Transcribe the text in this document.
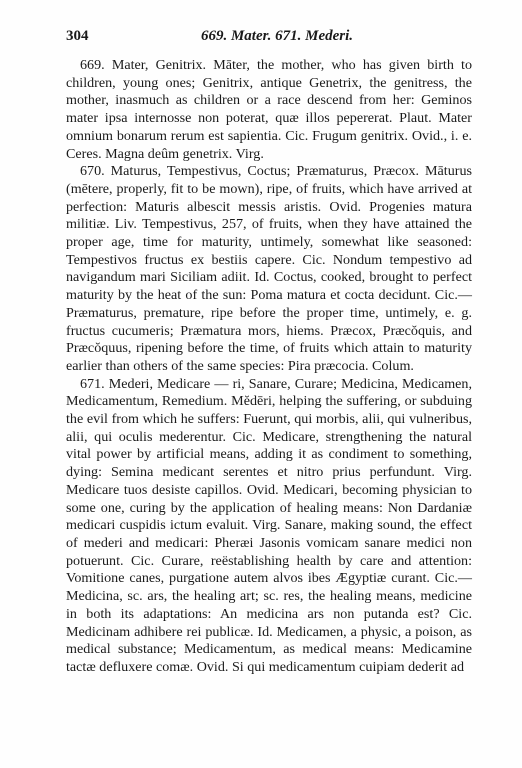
304	669. Mater. 671. Mederi.

669. Mater, Genitrix. Māter, the mother, who has given birth to children, young ones; Genitrix, antique Genetrix, the genitress, the mother, inasmuch as children or a race descend from her: Geminos mater ipsa internosse non poterat, quæ illos pepererat. Plaut. Mater omnium bonarum rerum est sapientia. Cic. Frugum genitrix. Ovid., i. e. Ceres. Magna deûm genetrix. Virg.

670. Maturus, Tempestivus, Coctus; Præmaturus, Præcox. Māturus (mētere, properly, fit to be mown), ripe, of fruits, which have arrived at perfection: Maturis albescit messis aristis. Ovid. Progenies matura militiæ. Liv. Tempestivus, 257, of fruits, when they have attained the proper age, time for maturity, untimely, somewhat like seasoned: Tempestivos fructus ex bestiis capere. Cic. Nondum tempestivo ad navigandum mari Siciliam adiit. Id. Coctus, cooked, brought to perfect maturity by the heat of the sun: Poma matura et cocta decidunt. Cic.— Præmaturus, premature, ripe before the proper time, untimely, e. g. fructus cucumeris; Præmatura mors, hiems. Præcox, Præcŏquis, and Præcŏquus, ripening before the time, of fruits which attain to maturity earlier than others of the same species: Pira præcocia. Colum.

671. Mederi, Medicare — ri, Sanare, Curare; Medicina, Medicamen, Medicamentum, Remedium. Mĕdēri, helping the suffering, or subduing the evil from which he suffers: Fuerunt, qui morbis, alii, qui vulneribus, alii, qui oculis mederentur. Cic. Medicare, strengthening the natural vital power by artificial means, adding it as condiment to something, dying: Semina medicant serentes et nitro prius perfundunt. Virg. Medicare tuos desiste capillos. Ovid. Medicari, becoming physician to some one, curing by the application of healing means: Non Dardaniæ medicari cuspidis ictum evaluit. Virg. Sanare, making sound, the effect of mederi and medicari: Pheræi Jasonis vomicam sanare medici non potuerunt. Cic. Curare, reëstablishing health by care and attention: Vomitione canes, purgatione autem alvos ibes Ægyptiæ curant. Cic.— Medicina, sc. ars, the healing art; sc. res, the healing means, medicine in both its adaptations: An medicina ars non putanda est? Cic. Medicinam adhibere rei publicæ. Id. Medicamen, a physic, a poison, as medical substance; Medicamentum, as medical means: Medicamine tactæ defluxere comæ. Ovid. Si qui medicamentum cuipiam dederit ad
